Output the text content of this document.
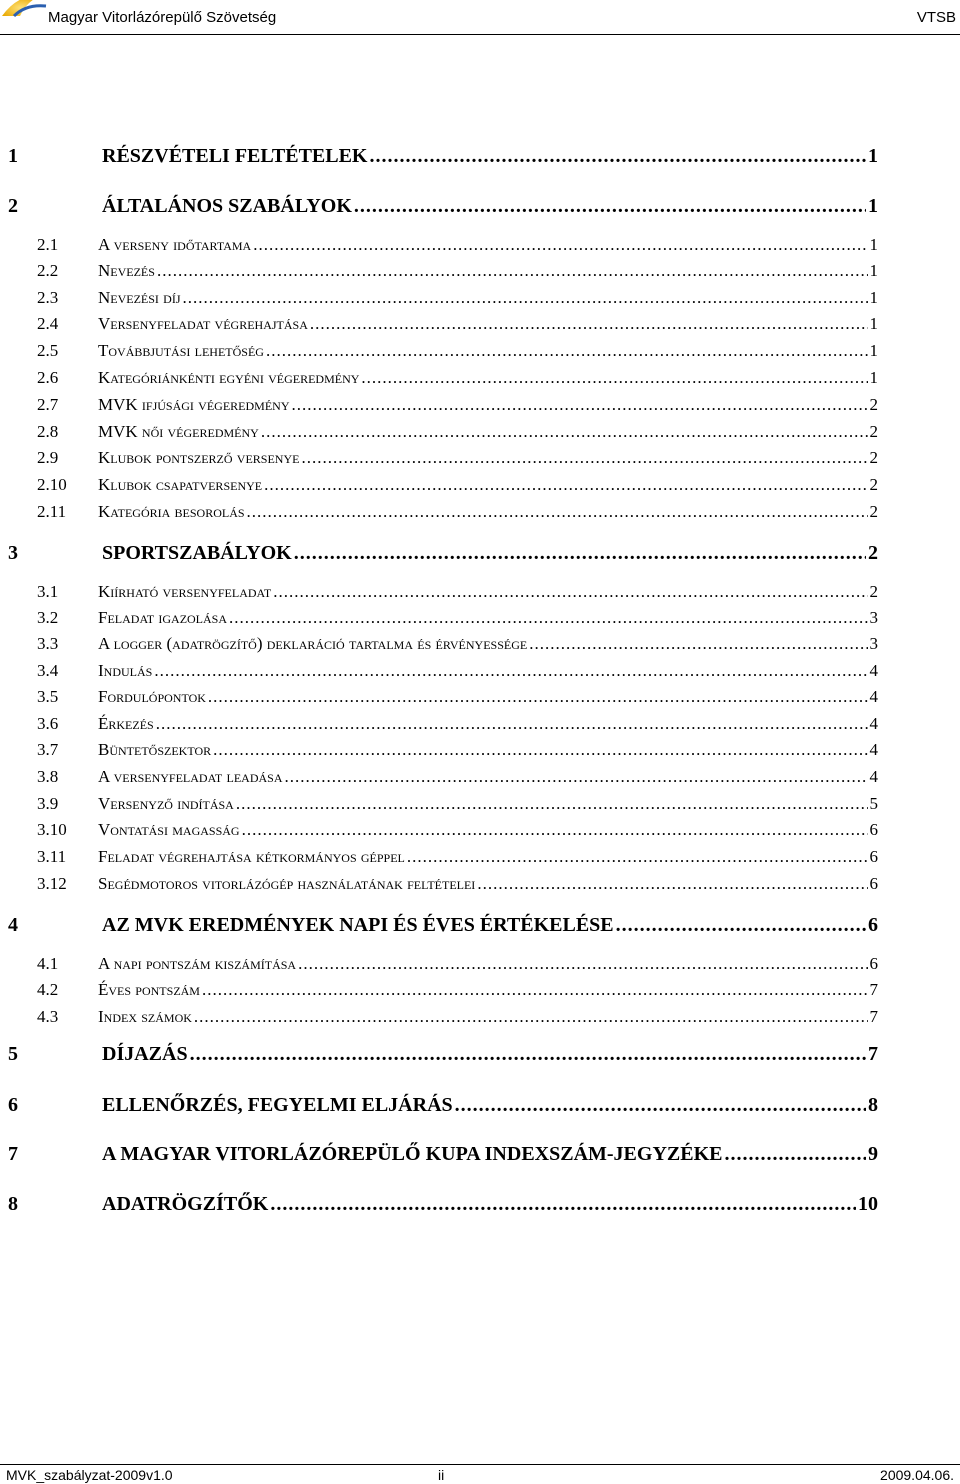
Magyar Vitorlázórepülő Szövetség	VTSB
1	RÉSZVÉTELI FELTÉTELEK .....	1
2	ÁLTALÁNOS SZABÁLYOK .....	1
2.1	A verseny időtartama .....	1
2.2	Nevezés .....	1
2.3	Nevezési díj .....	1
2.4	Versenyfeladat végrehajtása .....	1
2.5	Továbbjutási lehetőség .....	1
2.6	Kategóriánkénti egyéni végeredmény .....	1
2.7	MVK ifjúsági végeredmény .....	2
2.8	MVK női végeredmény .....	2
2.9	Klubok pontszerző versenye .....	2
2.10	Klubok csapatversenye .....	2
2.11	Kategória besorolás .....	2
3	SPORTSZABÁLYOK .....	2
3.1	Kiírható versenyfeladat .....	2
3.2	Feladat igazolása .....	3
3.3	A logger (adatrögzítő) deklaráció tartalma és érvényessége .....	3
3.4	Indulás .....	4
3.5	Fordulópontok .....	4
3.6	Érkezés .....	4
3.7	Büntetőszektor .....	4
3.8	A versenyfeladat leadása .....	4
3.9	Versenyző indítása .....	5
3.10	Vontatási magasság .....	6
3.11	Feladat végrehajtása kétkormányos géppel .....	6
3.12	Segédmotoros vitorlázógép használatának feltételei .....	6
4	AZ MVK EREDMÉNYEK NAPI ÉS ÉVES ÉRTÉKELÉSE .....	6
4.1	A napi pontszám kiszámítása .....	6
4.2	Éves pontszám .....	7
4.3	Index számok .....	7
5	DÍJAZÁS .....	7
6	ELLENŐRZÉS, FEGYELMI ELJÁRÁS .....	8
7	A MAGYAR VITORLÁZÓREPÜLŐ KUPA INDEXSZÁM-JEGYZÉKE .....	9
8	ADATRÖGZÍTŐK .....	10
MVK_szabályzat-2009v1.0	ii	2009.04.06.
